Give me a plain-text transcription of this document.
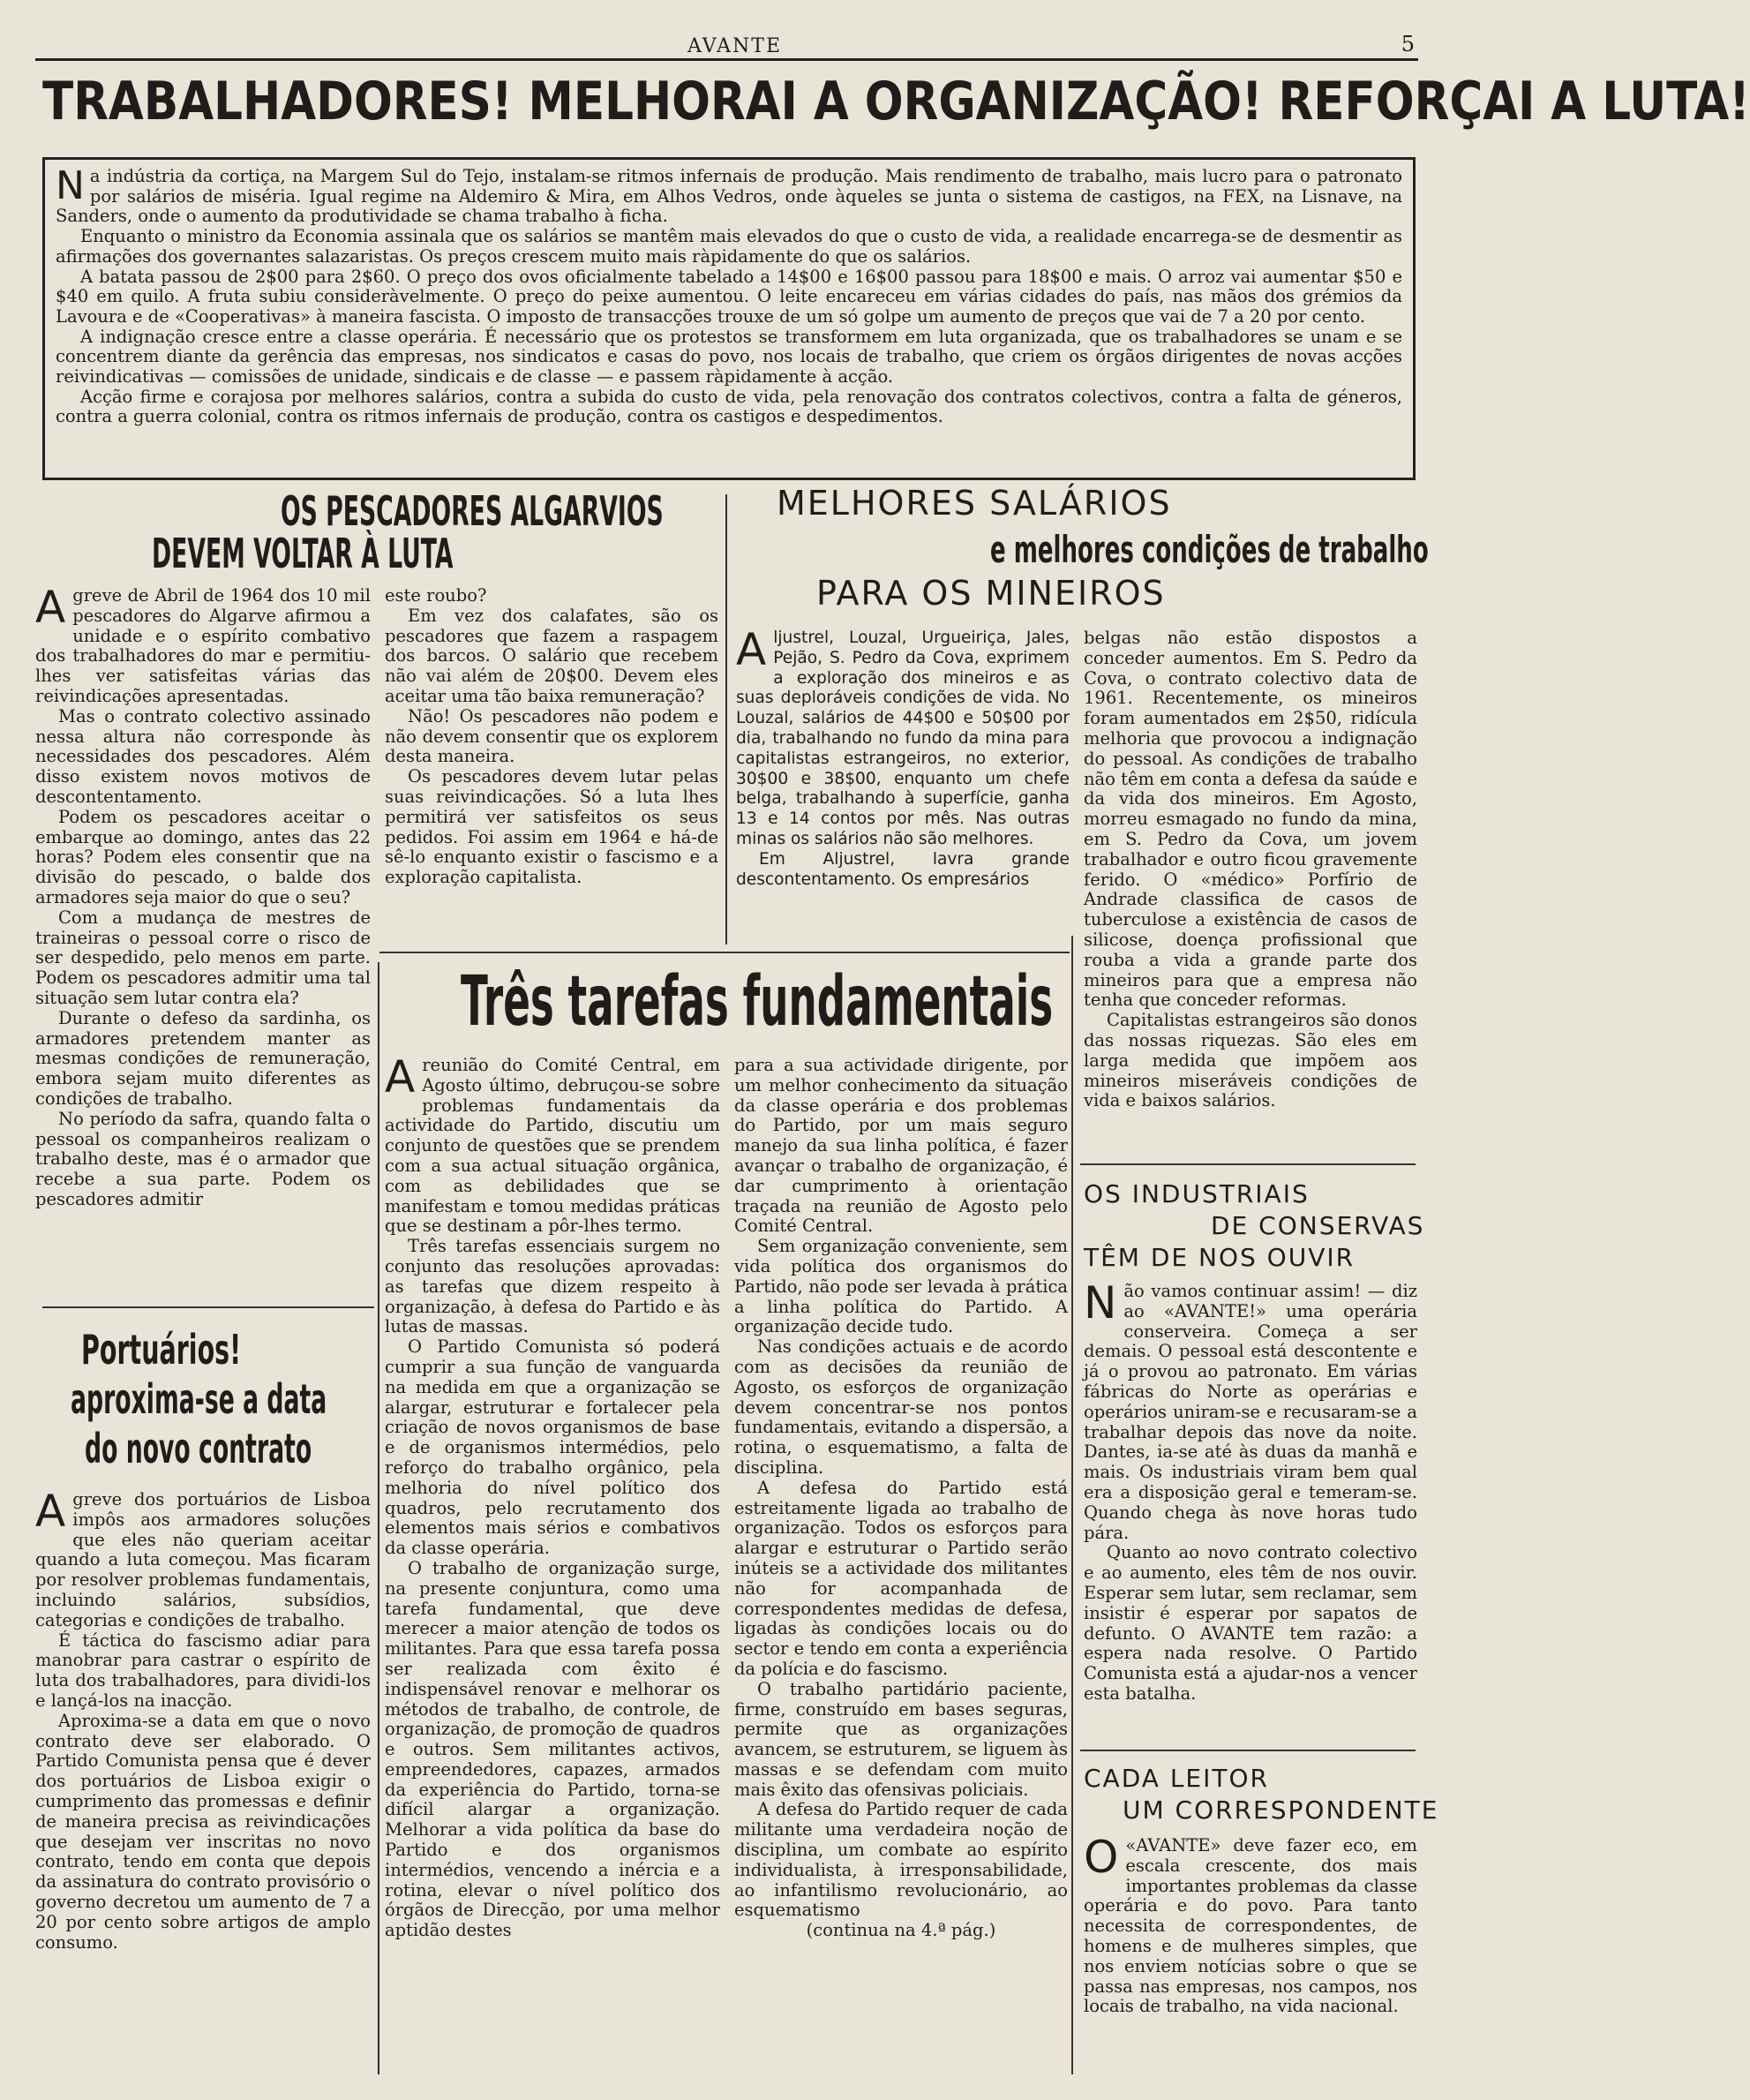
AVANTE	5
TRABALHADORES! MELHORAI A ORGANIZAÇÃO! REFORÇAI A LUTA!

Na indústria da cortiça, na Margem Sul do Tejo, instalam-se ritmos infernais de produção. Mais rendimento de trabalho, mais lucro para o patronato por salários de miséria. Igual regime na Aldemiro & Mira, em Alhos Vedros, onde àqueles se junta o sistema de castigos, na FEX, na Lisnave, na Sanders, onde o aumento da produtividade se chama trabalho à ficha.

Enquanto o ministro da Economia assinala que os salários se mantêm mais elevados do que o custo de vida, a realidade encarrega-se de desmentir as afirmações dos governantes salazaristas. Os preços crescem muito mais ràpidamente do que os salários.

A batata passou de 2$00 para 2$60. O preço dos ovos oficialmente tabelado a 14$00 e 16$00 passou para 18$00 e mais. O arroz vai aumentar $50 e $40 em quilo. A fruta subiu consideràvelmente. O preço do peixe aumentou. O leite encareceu em várias cidades do país, nas mãos dos grémios da Lavoura e de «Cooperativas» à maneira fascista. O imposto de transacções trouxe de um só golpe um aumento de preços que vai de 7 a 20 por cento.

A indignação cresce entre a classe operária. É necessário que os protestos se transformem em luta organizada, que os trabalhadores se unam e se concentrem diante da gerência das empresas, nos sindicatos e casas do povo, nos locais de trabalho, que criem os órgãos dirigentes de novas acções reivindicativas — comissões de unidade, sindicais e de classe — e passem ràpidamente à acção.

Acção firme e corajosa por melhores salários, contra a subida do custo de vida, pela renovação dos contratos colectivos, contra a falta de géneros, contra a guerra colonial, contra os ritmos infernais de produção, contra os castigos e despedimentos.

OS PESCADORES ALGARVIOS
DEVEM VOLTAR À LUTA

Agreve de Abril de 1964 dos 10 mil pescadores do Algarve afirmou a unidade e o espírito combativo dos trabalhadores do mar e permitiu-lhes ver satisfeitas várias das reivindicações apresentadas.

Mas o contrato colectivo assinado nessa altura não corresponde às necessidades dos pescadores. Além disso existem novos motivos de descontentamento.

Podem os pescadores aceitar o embarque ao domingo, antes das 22 horas? Podem eles consentir que na divisão do pescado, o balde dos armadores seja maior do que o seu?

Com a mudança de mestres de traineiras o pessoal corre o risco de ser despedido, pelo menos em parte. Podem os pescadores admitir uma tal situação sem lutar contra ela?

Durante o defeso da sardinha, os armadores pretendem manter as mesmas condições de remuneração, embora sejam muito diferentes as condições de trabalho.

No período da safra, quando falta o pessoal os companheiros realizam o trabalho deste, mas é o armador que recebe a sua parte. Podem os pescadores admitir

este roubo?

Em vez dos calafates, são os pescadores que fazem a raspagem dos barcos. O salário que recebem não vai além de 20$00. Devem eles aceitar uma tão baixa remuneração?

Não! Os pescadores não podem e não devem consentir que os explorem desta maneira.

Os pescadores devem lutar pelas suas reivindicações. Só a luta lhes permitirá ver satisfeitos os seus pedidos. Foi assim em 1964 e há-de sê-lo enquanto existir o fascismo e a exploração capitalista.

MELHORES SALÁRIOS
e melhores condições de trabalho
PARA OS MINEIROS

Aljustrel, Louzal, Urgueiriça, Jales, Pejão, S. Pedro da Cova, exprimem a exploração dos mineiros e as suas deploráveis condições de vida. No Louzal, salários de 44$00 e 50$00 por dia, trabalhando no fundo da mina para capitalistas estrangeiros, no exterior, 30$00 e 38$00, enquanto um chefe belga, trabalhando à superfície, ganha 13 e 14 contos por mês. Nas outras minas os salários não são melhores.

Em Aljustrel, lavra grande descontentamento. Os empresários

belgas não estão dispostos a conceder aumentos. Em S. Pedro da Cova, o contrato colectivo data de 1961. Recentemente, os mineiros foram aumentados em 2$50, ridícula melhoria que provocou a indignação do pessoal. As condições de trabalho não têm em conta a defesa da saúde e da vida dos mineiros. Em Agosto, morreu esmagado no fundo da mina, em S. Pedro da Cova, um jovem trabalhador e outro ficou gravemente ferido. O «médico» Porfírio de Andrade classifica de casos de tuberculose a existência de casos de silicose, doença profissional que rouba a vida a grande parte dos mineiros para que a empresa não tenha que conceder reformas.

Capitalistas estrangeiros são donos das nossas riquezas. São eles em larga medida que impõem aos mineiros miseráveis condições de vida e baixos salários.

Três tarefas fundamentais

Areunião do Comité Central, em Agosto último, debruçou-se sobre problemas fundamentais da actividade do Partido, discutiu um conjunto de questões que se prendem com a sua actual situação orgânica, com as debilidades que se manifestam e tomou medidas práticas que se destinam a pôr-lhes termo.

Três tarefas essenciais surgem no conjunto das resoluções aprovadas: as tarefas que dizem respeito à organização, à defesa do Partido e às lutas de massas.

O Partido Comunista só poderá cumprir a sua função de vanguarda na medida em que a organização se alargar, estruturar e fortalecer pela criação de novos organismos de base e de organismos intermédios, pelo reforço do trabalho orgânico, pela melhoria do nível político dos quadros, pelo recrutamento dos elementos mais sérios e combativos da classe operária.

O trabalho de organização surge, na presente conjuntura, como uma tarefa fundamental, que deve merecer a maior atenção de todos os militantes. Para que essa tarefa possa ser realizada com êxito é indispensável renovar e melhorar os métodos de trabalho, de controle, de organização, de promoção de quadros e outros. Sem militantes activos, empreendedores, capazes, armados da experiência do Partido, torna-se difícil alargar a organização. Melhorar a vida política da base do Partido e dos organismos intermédios, vencendo a inércia e a rotina, elevar o nível político dos órgãos de Direcção, por uma melhor aptidão destes

para a sua actividade dirigente, por um melhor conhecimento da situação da classe operária e dos problemas do Partido, por um mais seguro manejo da sua linha política, é fazer avançar o trabalho de organização, é dar cumprimento à orientação traçada na reunião de Agosto pelo Comité Central.

Sem organização conveniente, sem vida política dos organismos do Partido, não pode ser levada à prática a linha política do Partido. A organização decide tudo.

Nas condições actuais e de acordo com as decisões da reunião de Agosto, os esforços de organização devem concentrar-se nos pontos fundamentais, evitando a dispersão, a rotina, o esquematismo, a falta de disciplina.

A defesa do Partido está estreitamente ligada ao trabalho de organização. Todos os esforços para alargar e estruturar o Partido serão inúteis se a actividade dos militantes não for acompanhada de correspondentes medidas de defesa, ligadas às condições locais ou do sector e tendo em conta a experiência da polícia e do fascismo.

O trabalho partidário paciente, firme, construído em bases seguras, permite que as organizações avancem, se estruturem, se liguem às massas e se defendam com muito mais êxito das ofensivas policiais.

A defesa do Partido requer de cada militante uma verdadeira noção de disciplina, um combate ao espírito individualista, à irresponsabilidade, ao infantilismo revolucionário, ao esquematismo

(continua na 4.ª pág.)

Portuários!
aproxima-se a data
do novo contrato

Agreve dos portuários de Lisboa impôs aos armadores soluções que eles não queriam aceitar quando a luta começou. Mas ficaram por resolver problemas fundamentais, incluindo salários, subsídios, categorias e condições de trabalho.

É táctica do fascismo adiar para manobrar para castrar o espírito de luta dos trabalhadores, para dividi-los e lançá-los na inacção.

Aproxima-se a data em que o novo contrato deve ser elaborado. O Partido Comunista pensa que é dever dos portuários de Lisboa exigir o cumprimento das promessas e definir de maneira precisa as reivindicações que desejam ver inscritas no novo contrato, tendo em conta que depois da assinatura do contrato provisório o governo decretou um aumento de 7 a 20 por cento sobre artigos de amplo consumo.

OS INDUSTRIAIS
DE CONSERVAS
TÊM DE NOS OUVIR

Não vamos continuar assim! — diz ao «AVANTE!» uma operária conserveira. Começa a ser demais. O pessoal está descontente e já o provou ao patronato. Em várias fábricas do Norte as operárias e operários uniram-se e recusaram-se a trabalhar depois das nove da noite. Dantes, ia-se até às duas da manhã e mais. Os industriais viram bem qual era a disposição geral e temeram-se. Quando chega às nove horas tudo pára.

Quanto ao novo contrato colectivo e ao aumento, eles têm de nos ouvir. Esperar sem lutar, sem reclamar, sem insistir é esperar por sapatos de defunto. O AVANTE tem razão: a espera nada resolve. O Partido Comunista está a ajudar-nos a vencer esta batalha.

CADA LEITOR
UM CORRESPONDENTE

O «AVANTE» deve fazer eco, em escala crescente, dos mais importantes problemas da classe operária e do povo. Para tanto necessita de correspondentes, de homens e de mulheres simples, que nos enviem notícias sobre o que se passa nas empresas, nos campos, nos locais de trabalho, na vida nacional.
